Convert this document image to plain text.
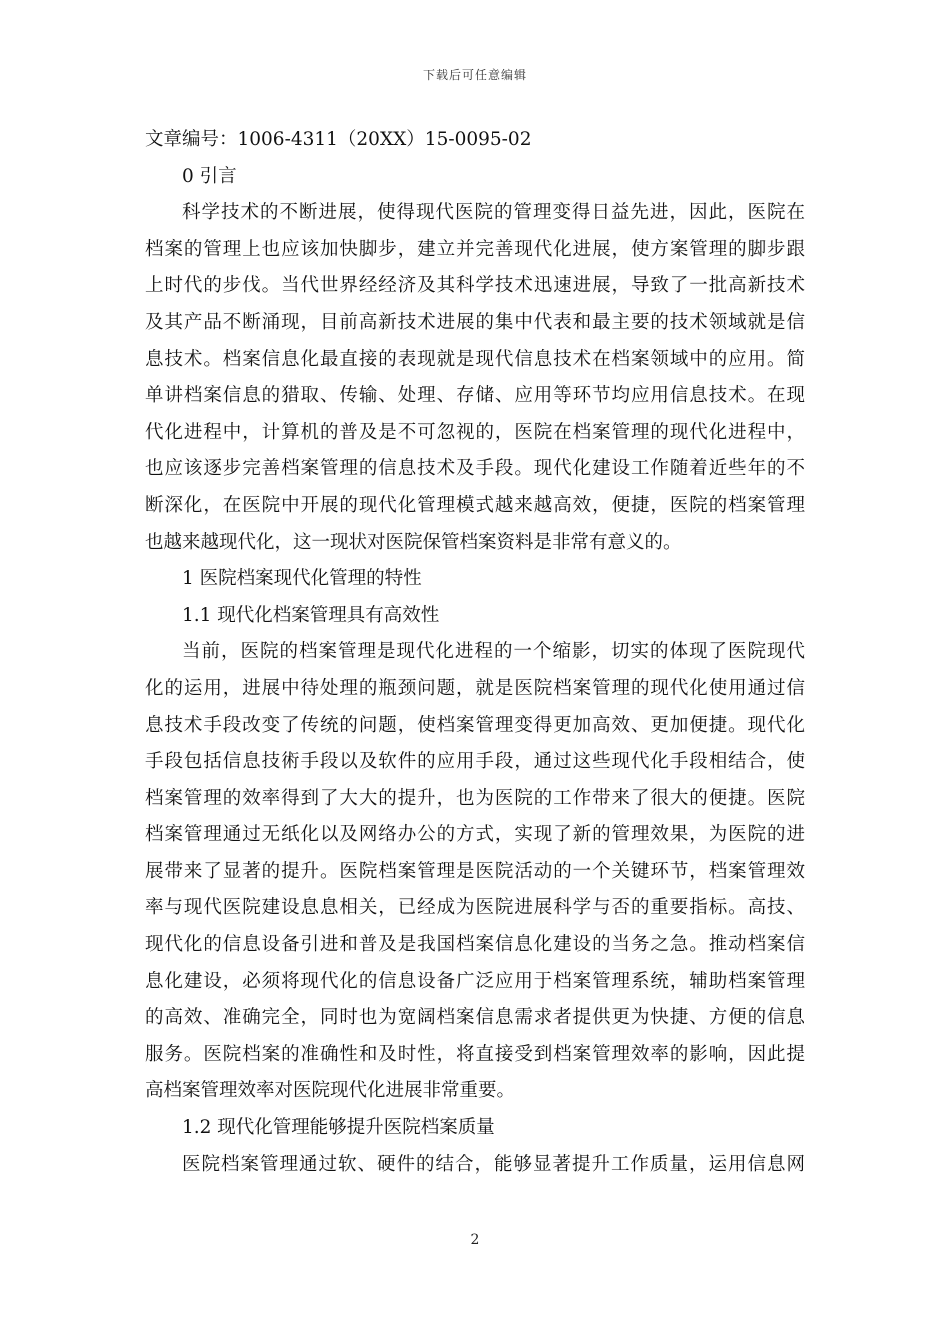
下载后可任意编辑
文章编号：1006-4311（20XX）15-0095-02
0 引言
科学技术的不断进展，使得现代医院的管理变得日益先进，因此，医院在
档案的管理上也应该加快脚步，建立并完善现代化进展，使方案管理的脚步跟
上时代的步伐。当代世界经经济及其科学技术迅速进展，导致了一批高新技术
及其产品不断涌现，目前高新技术进展的集中代表和最主要的技术领域就是信
息技术。档案信息化最直接的表现就是现代信息技术在档案领域中的应用。简
单讲档案信息的猎取、传输、处理、存储、应用等环节均应用信息技术。在现
代化进程中，计算机的普及是不可忽视的，医院在档案管理的现代化进程中，
也应该逐步完善档案管理的信息技术及手段。现代化建设工作随着近些年的不
断深化，在医院中开展的现代化管理模式越来越高效，便捷，医院的档案管理
也越来越现代化，这一现状对医院保管档案资料是非常有意义的。
1 医院档案现代化管理的特性
1.1 现代化档案管理具有高效性
当前，医院的档案管理是现代化进程的一个缩影，切实的体现了医院现代
化的运用，进展中待处理的瓶颈问题，就是医院档案管理的现代化使用通过信
息技术手段改变了传统的问题，使档案管理变得更加高效、更加便捷。现代化
手段包括信息技術手段以及软件的应用手段，通过这些现代化手段相结合，使
档案管理的效率得到了大大的提升，也为医院的工作带来了很大的便捷。医院
档案管理通过无纸化以及网络办公的方式，实现了新的管理效果，为医院的进
展带来了显著的提升。医院档案管理是医院活动的一个关键环节，档案管理效
率与现代医院建设息息相关，已经成为医院进展科学与否的重要指标。高技、
现代化的信息设备引进和普及是我国档案信息化建设的当务之急。推动档案信
息化建设，必须将现代化的信息设备广泛应用于档案管理系统，辅助档案管理
的高效、准确完全，同时也为宽阔档案信息需求者提供更为快捷、方便的信息
服务。医院档案的准确性和及时性，将直接受到档案管理效率的影响，因此提
高档案管理效率对医院现代化进展非常重要。
1.2 现代化管理能够提升医院档案质量
医院档案管理通过软、硬件的结合，能够显著提升工作质量，运用信息网
2
